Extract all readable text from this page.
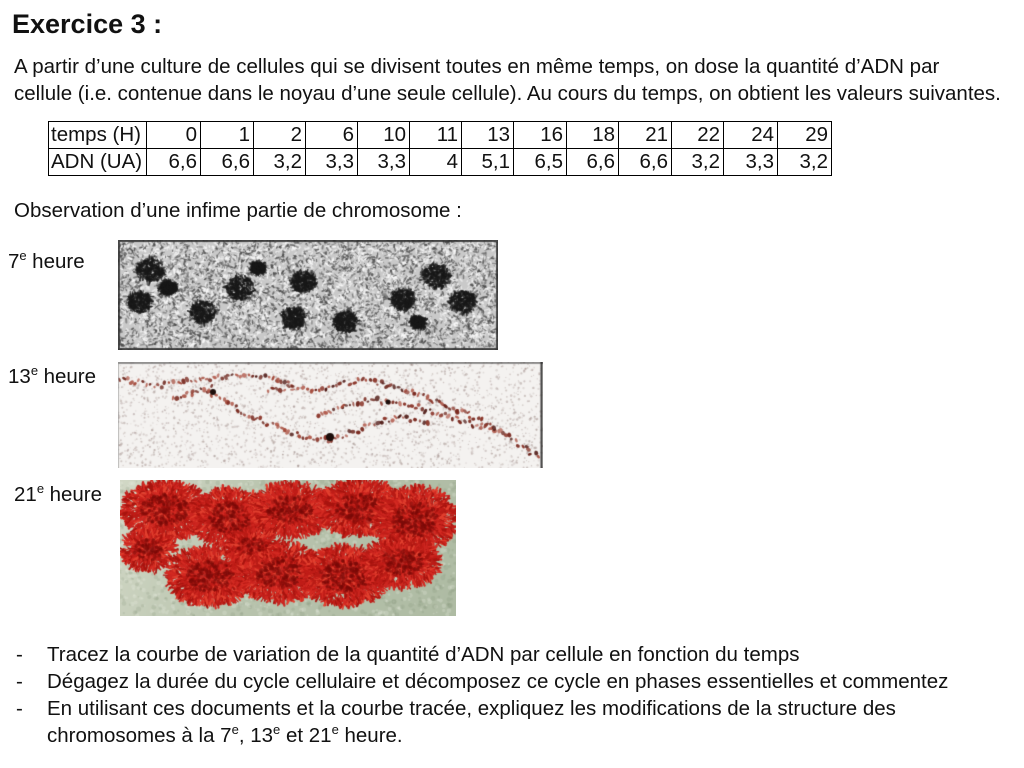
Exercice 3 :
A partir d’une culture de cellules qui se divisent toutes en même temps, on dose la quantité d’ADN par
cellule (i.e. contenue dans le noyau d’une seule cellule). Au cours du temps, on obtient les valeurs suivantes.
temps (H)	0	1	2	6	10	11	13	16	18	21	22	24	29
ADN (UA)	6,6	6,6	3,2	3,3	3,3	4	5,1	6,5	6,6	6,6	3,2	3,3	3,2
Observation d’une infime partie de chromosome :
7e heure
13e heure
21e heure
- Tracez la courbe de variation de la quantité d’ADN par cellule en fonction du temps
- Dégagez la durée du cycle cellulaire et décomposez ce cycle en phases essentielles et commentez
- En utilisant ces documents et la courbe tracée, expliquez les modifications de la structure des
chromosomes à la 7e, 13e et 21e heure.
